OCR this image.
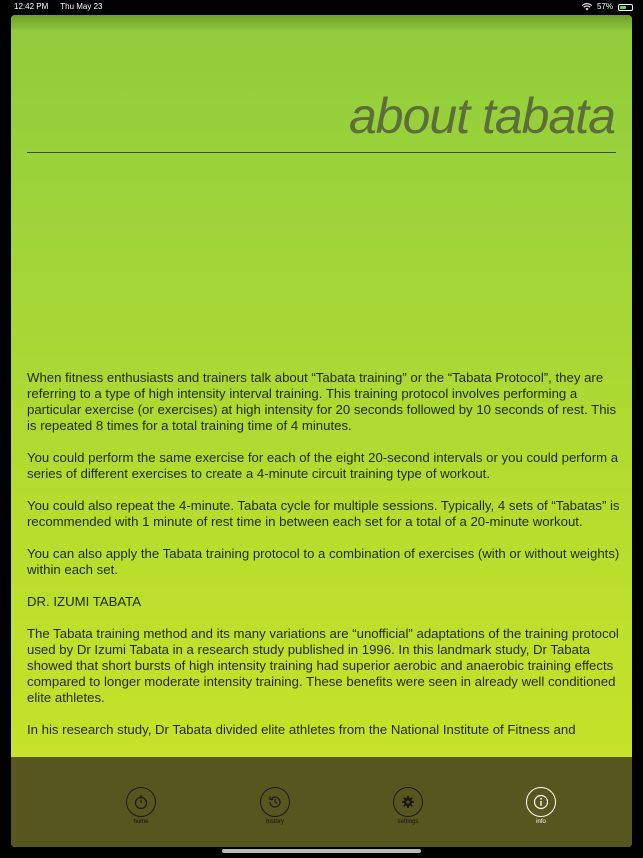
12:42 PM Thu May 23	57%
about tabata

When fitness enthusiasts and trainers talk about “Tabata training” or the “Tabata Protocol”, they are referring to a type of high intensity interval training. This training protocol involves performing a particular exercise (or exercises) at high intensity for 20 seconds followed by 10 seconds of rest. This is repeated 8 times for a total training time of 4 minutes.

You could perform the same exercise for each of the eight 20-second intervals or you could perform a series of different exercises to create a 4-minute circuit training type of workout.

You could also repeat the 4-minute. Tabata cycle for multiple sessions. Typically, 4 sets of “Tabatas” is recommended with 1 minute of rest time in between each set for a total of a 20-minute workout.

You can also apply the Tabata training protocol to a combination of exercises (with or without weights) within each set.

DR. IZUMI TABATA

The Tabata training method and its many variations are “unofficial” adaptations of the training protocol used by Dr Izumi Tabata in a research study published in 1996. In this landmark study, Dr Tabata showed that short bursts of high intensity training had superior aerobic and anaerobic training effects compared to longer moderate intensity training. These benefits were seen in already well conditioned elite athletes.

In his research study, Dr Tabata divided elite athletes from the National Institute of Fitness and

home	history	settings	info
